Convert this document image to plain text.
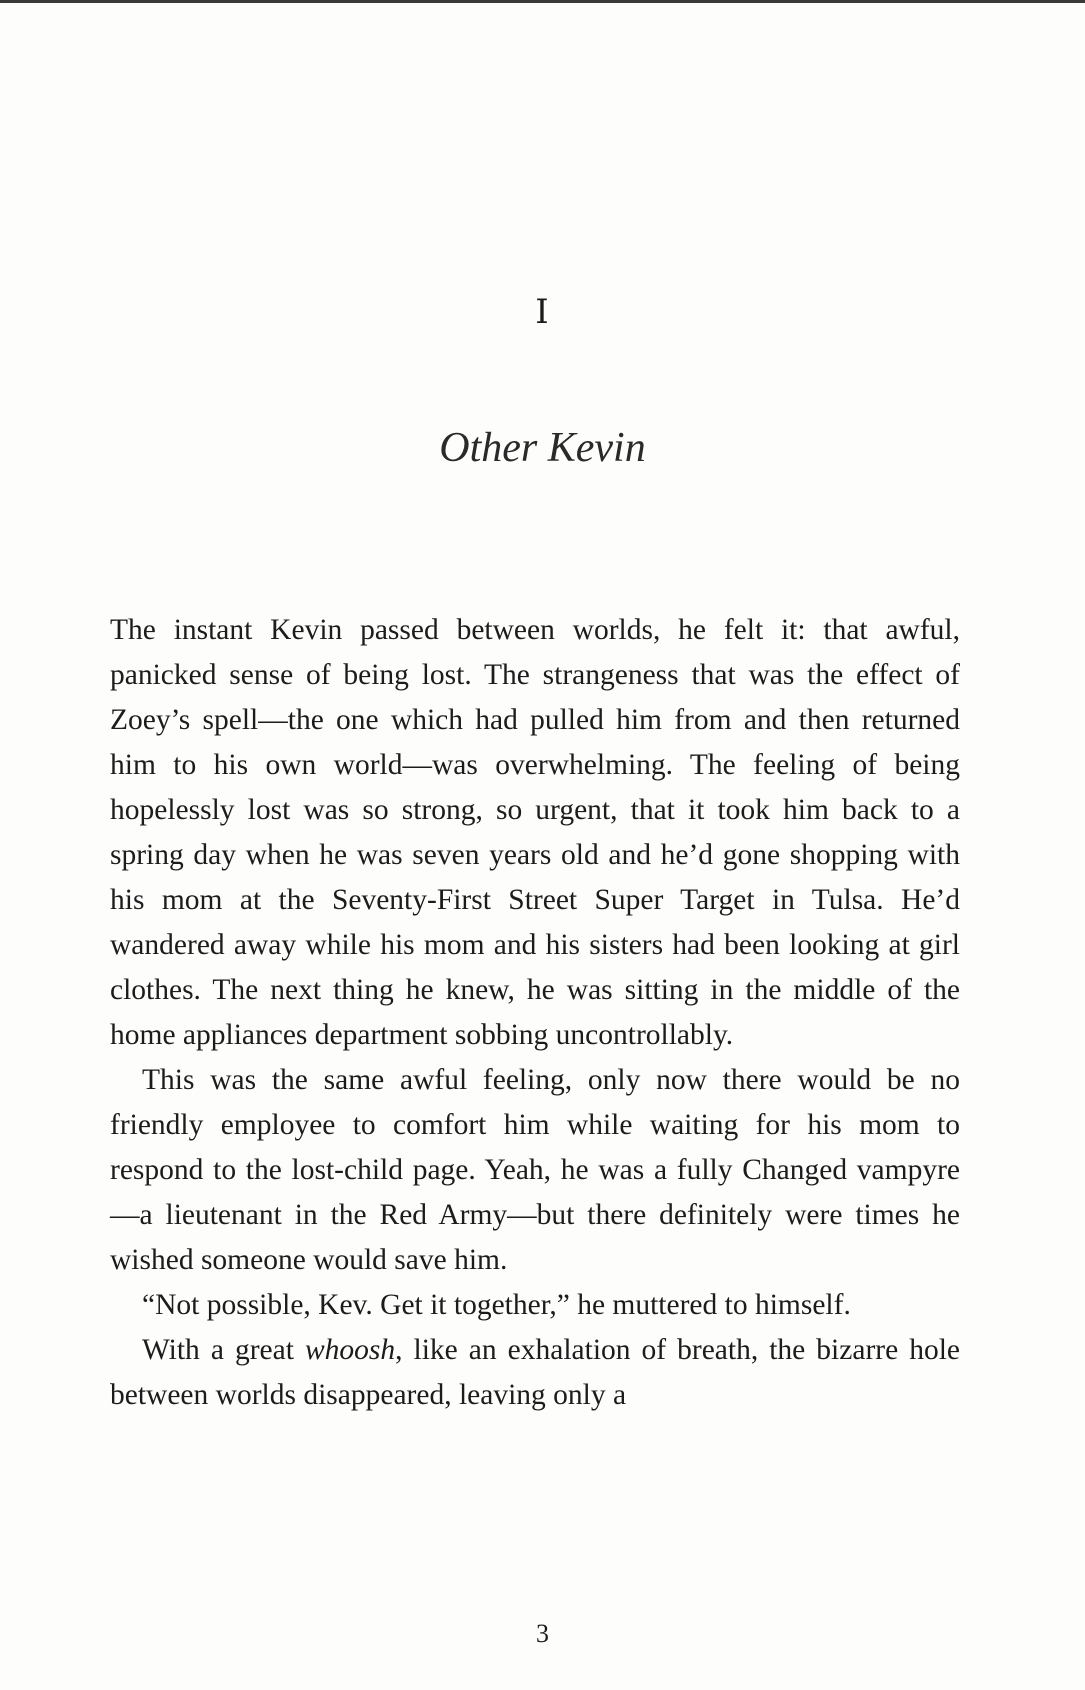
I
Other Kevin

The instant Kevin passed between worlds, he felt it: that awful, panicked sense of being lost. The strangeness that was the effect of Zoey’s spell—the one which had pulled him from and then returned him to his own world—was overwhelming. The feeling of being hopelessly lost was so strong, so urgent, that it took him back to a spring day when he was seven years old and he’d gone shopping with his mom at the Seventy-First Street Super Target in Tulsa. He’d wandered away while his mom and his sisters had been looking at girl clothes. The next thing he knew, he was sitting in the middle of the home appliances department sobbing uncontrollably.

This was the same awful feeling, only now there would be no friendly employee to comfort him while waiting for his mom to respond to the lost-child page. Yeah, he was a fully Changed vampyre—a lieutenant in the Red Army—but there definitely were times he wished someone would save him.

“Not possible, Kev. Get it together,” he muttered to himself.

With a great whoosh, like an exhalation of breath, the bizarre hole between worlds disappeared, leaving only a

3
